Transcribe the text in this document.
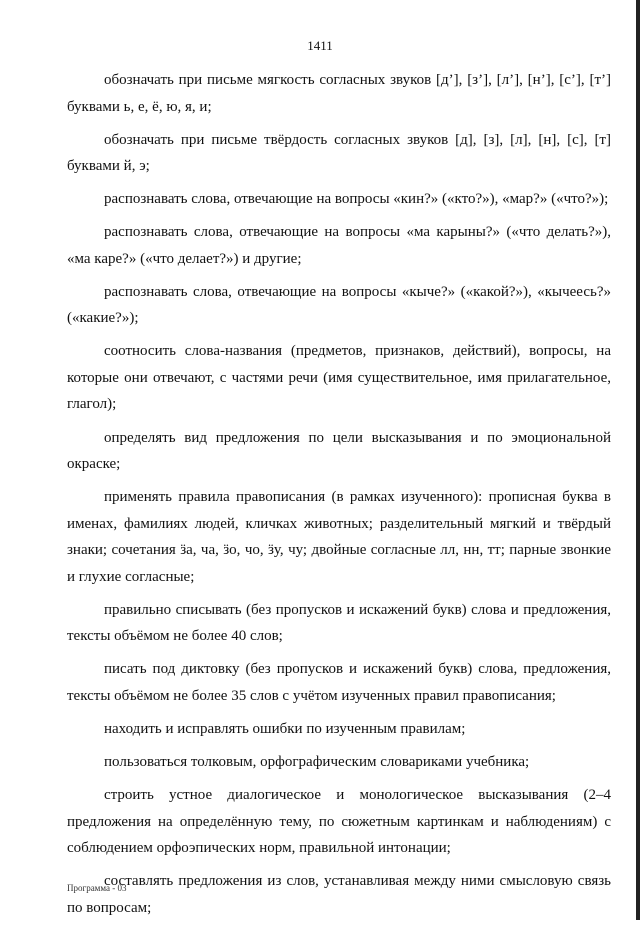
1411

обозначать при письме мягкость согласных звуков [д’], [з’], [л’], [н’], [с’], [т’] буквами ь, е, ё, ю, я, и;

обозначать при письме твёрдость согласных звуков [д], [з], [л], [н], [с], [т] буквами й, э;

распознавать слова, отвечающие на вопросы «кин?» («кто?»), «мар?» («что?»);

распознавать слова, отвечающие на вопросы «ма карыны?» («что делать?»), «ма каре?» («что делает?») и другие;

распознавать слова, отвечающие на вопросы «кыче?» («какой?»), «кычеесь?» («какие?»);

соотносить слова-названия (предметов, признаков, действий), вопросы, на которые они отвечают, с частями речи (имя существительное, имя прилагательное, глагол);

определять вид предложения по цели высказывания и по эмоциональной окраске;

применять правила правописания (в рамках изученного): прописная буква в именах, фамилиях людей, кличках животных; разделительный мягкий и твёрдый знаки; сочетания ӟа, ча, ӟо, чо, ӟу, чу; двойные согласные лл, нн, тт; парные звонкие и глухие согласные;

правильно списывать (без пропусков и искажений букв) слова и предложения, тексты объёмом не более 40 слов;

писать под диктовку (без пропусков и искажений букв) слова, предложения, тексты объёмом не более 35 слов с учётом изученных правил правописания;

находить и исправлять ошибки по изученным правилам;

пользоваться толковым, орфографическим словариками учебника;

строить устное диалогическое и монологическое высказывания (2–4 предложения на определённую тему, по сюжетным картинкам и наблюдениям) с соблюдением орфоэпических норм, правильной интонации;

составлять предложения из слов, устанавливая между ними смысловую связь по вопросам;

Программа - 03
